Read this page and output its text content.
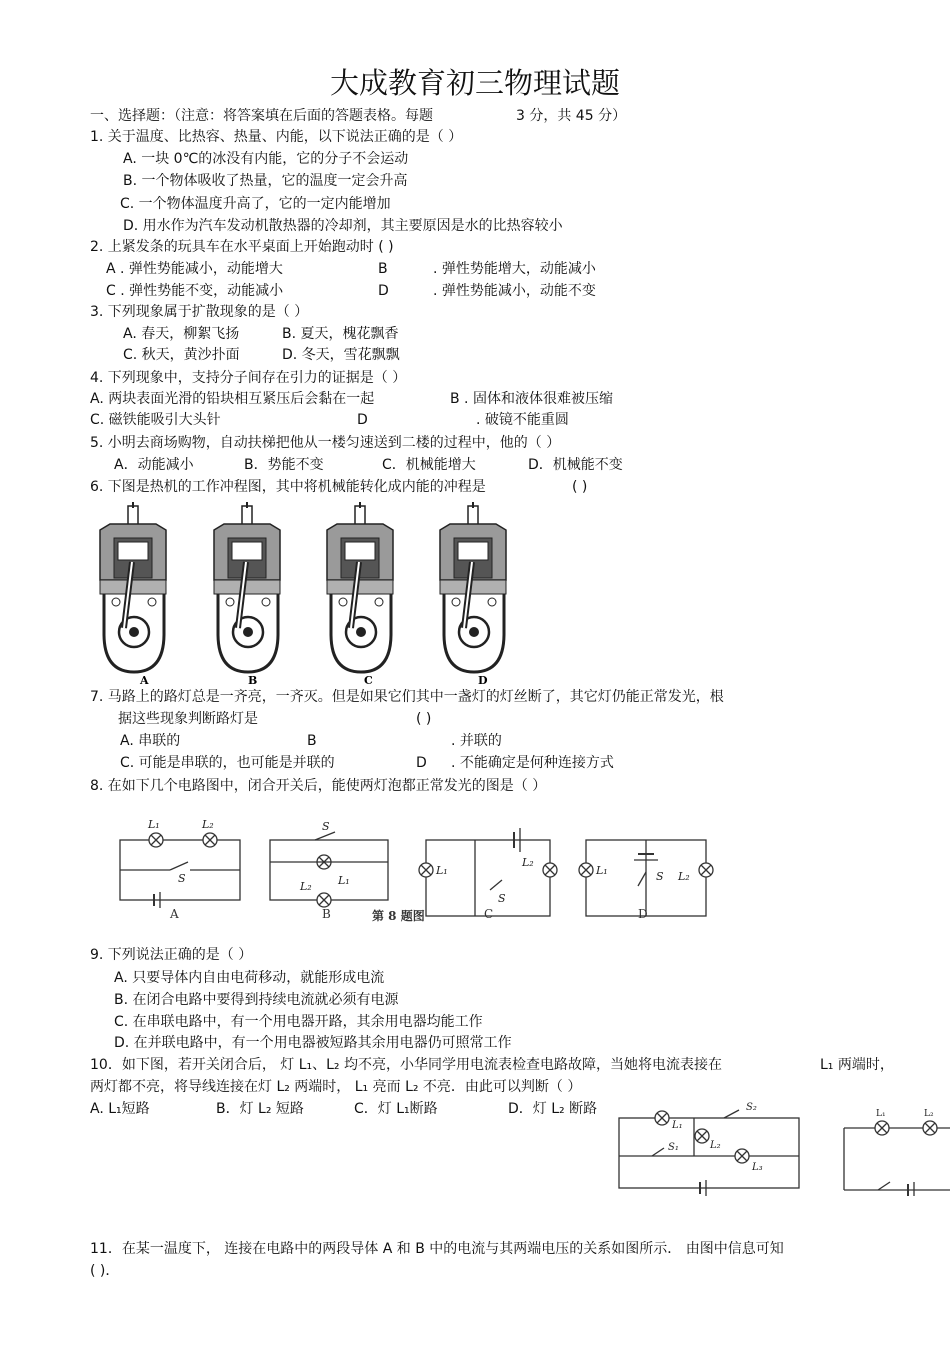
大成教育初三物理试题
一、选择题：（注意：将答案填在后面的答题表格。每题	3 分，共 45 分）
1. 关于温度、比热容、热量、内能，以下说法正确的是（ ）
A. 一块 0℃的冰没有内能，它的分子不会运动
B. 一个物体吸收了热量，它的温度一定会升高
C. 一个物体温度升高了，它的一定内能增加
D. 用水作为汽车发动机散热器的冷却剂，其主要原因是水的比热容较小
2. 上紧发条的玩具车在水平桌面上开始跑动时 ( )
A . 弹性势能减小，动能增大	B	. 弹性势能增大，动能减小
C . 弹性势能不变，动能减小	D	. 弹性势能减小，动能不变
3. 下列现象属于扩散现象的是（ ）
A. 春天，柳絮飞扬	B. 夏天，槐花飘香
C. 秋天，黄沙扑面	D. 冬天，雪花飘飘
4. 下列现象中，支持分子间存在引力的证据是（ ）
A. 两块表面光滑的铅块相互紧压后会黏在一起	B . 固体和液体很难被压缩
C. 磁铁能吸引大头针	D	. 破镜不能重圆
5. 小明去商场购物，自动扶梯把他从一楼匀速送到二楼的过程中，他的（ ）
A．动能减小	B．势能不变	C．机械能增大	D．机械能不变
6. 下图是热机的工作冲程图，其中将机械能转化成内能的冲程是	( )
A	B	C	D
7. 马路上的路灯总是一齐亮，一齐灭。但是如果它们其中一盏灯的灯丝断了，其它灯仍能正常发光，根
据这些现象判断路灯是	( )
A. 串联的	B	. 并联的
C. 可能是串联的，也可能是并联的	D . 不能确定是何种连接方式
8. 在如下几个电路图中，闭合开关后，能使两灯泡都正常发光的图是（ ）
L₁	L₂
S
S
L₁
L₂
L₁
L₂
S
L₁	S L₂
A	B	C	D
第 8 题图
9. 下列说法正确的是（ ）
A. 只要导体内自由电荷移动，就能形成电流
B. 在闭合电路中要得到持续电流就必须有电源
C. 在串联电路中，有一个用电器开路，其余用电器均能工作
D. 在并联电路中，有一个用电器被短路其余用电器仍可照常工作
10．如下图，若开关闭合后， 灯 L₁、L₂ 均不亮，小华同学用电流表检查电路故障，当她将电流表接在	L₁ 两端时，
两灯都不亮，将导线连接在灯 L₂ 两端时， L₁ 亮而 L₂ 不亮．由此可以判断（ ）
A. L₁短路	B．灯 L₂ 短路	C．灯 L₁断路	D．灯 L₂ 断路
L₁
S₂
S₁	L₂
L₃
L₁	L₂
11．在某一温度下， 连接在电路中的两段导体 A 和 B 中的电流与其两端电压的关系如图所示． 由图中信息可知
( )．
